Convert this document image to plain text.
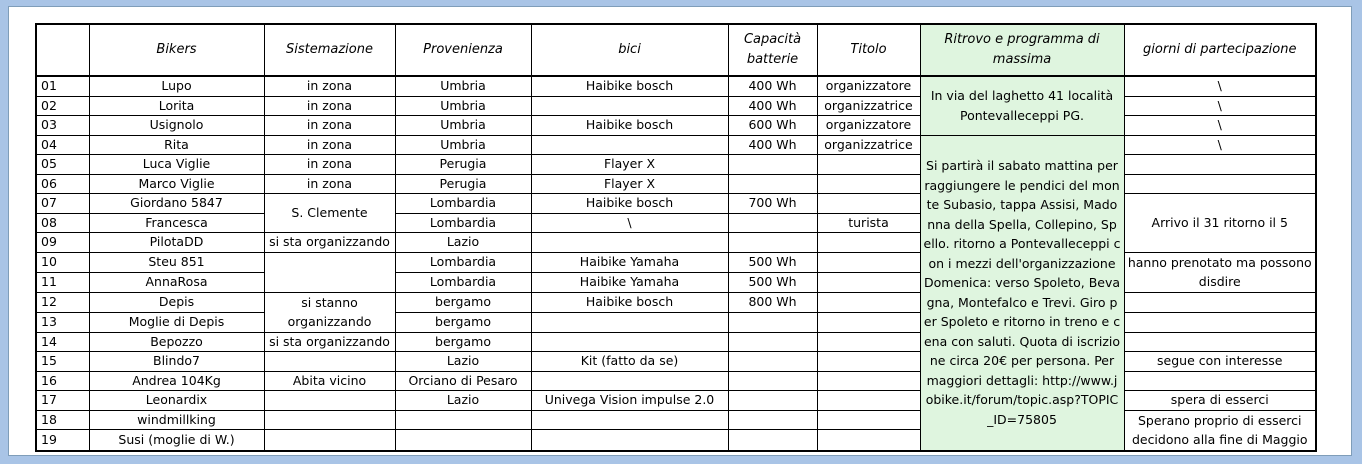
	Bikers	Sistemazione	Provenienza	bici	Capacità batterie	Titolo	Ritrovo e programma di massima	giorni di partecipazione
01	Lupo	in zona	Umbria	Haibike bosch	400 Wh	organizzatore	In via del laghetto 41 località Pontevalleceppi PG.	\
02	Lorita	in zona	Umbria		400 Wh	organizzatrice		\
03	Usignolo	in zona	Umbria	Haibike bosch	600 Wh	organizzatore		\
04	Rita	in zona	Umbria		400 Wh	organizzatrice	Si partirà il sabato mattina per raggiungere le pendici del monte Subasio, tappa Assisi, Madonna della Spella, Collepino, Spello. ritorno a Pontevalleceppi con i mezzi dell'organizzazione Domenica: verso Spoleto, Bevagna, Montefalco e Trevi. Giro per Spoleto e ritorno in treno e cena con saluti. Quota di iscrizione circa 20€ per persona. Per maggiori dettagli: http://www.jobike.it/forum/topic.asp?TOPIC_ID=75805	\
05	Luca Viglie	in zona	Perugia	Flayer X				
06	Marco Viglie	in zona	Perugia	Flayer X				
07	Giordano 5847	S. Clemente	Lombardia	Haibike bosch	700 Wh			Arrivo il 31 ritorno il 5
08	Francesca		Lombardia	\		turista		
09	PilotaDD	si sta organizzando	Lazio					
10	Steu 851		Lombardia	Haibike Yamaha	500 Wh			hanno prenotato ma possono disdire
11	AnnaRosa		Lombardia	Haibike Yamaha	500 Wh			
12	Depis	si stanno organizzando	bergamo	Haibike bosch	800 Wh			
13	Moglie di Depis		bergamo					
14	Bepozzo	si sta organizzando	bergamo					
15	Blindo7		Lazio	Kit (fatto da se)				segue con interesse
16	Andrea 104Kg	Abita vicino	Orciano di Pesaro					
17	Leonardix		Lazio	Univega Vision impulse 2.0				spera di esserci
18	windmillking							Sperano proprio di esserci decidono alla fine di Maggio
19	Susi (moglie di W.)							
